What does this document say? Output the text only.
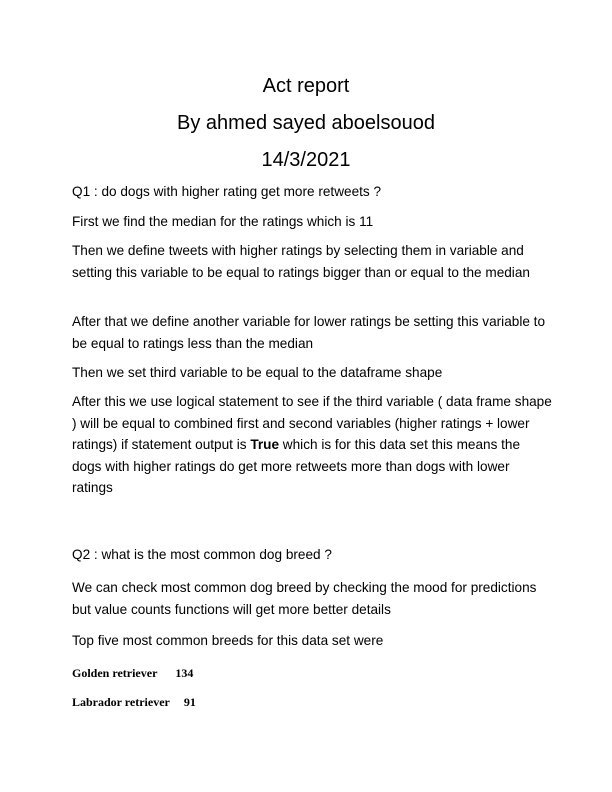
Act report
By ahmed sayed aboelsouod
14/3/2021

Q1 : do dogs with higher rating get more retweets ?

First we find the median for the ratings which is 11

Then we define tweets with higher ratings by selecting them in variable and setting this variable to be equal to ratings bigger than or equal to the median

After that we define another variable for lower ratings be setting this variable to be equal to ratings less than the median

Then we set third variable to be equal to the dataframe shape

After this we use logical statement to see if the third variable ( data frame shape ) will be equal to combined first and second variables (higher ratings + lower ratings) if statement output is True which is for this data set this means the dogs with higher ratings do get more retweets more than dogs with lower ratings

Q2 : what is the most common dog breed ?

We can check most common dog breed by checking the mood for predictions but value counts functions will get more better details

Top five most common breeds for this data set were

Golden retriever 134

Labrador retriever 91
